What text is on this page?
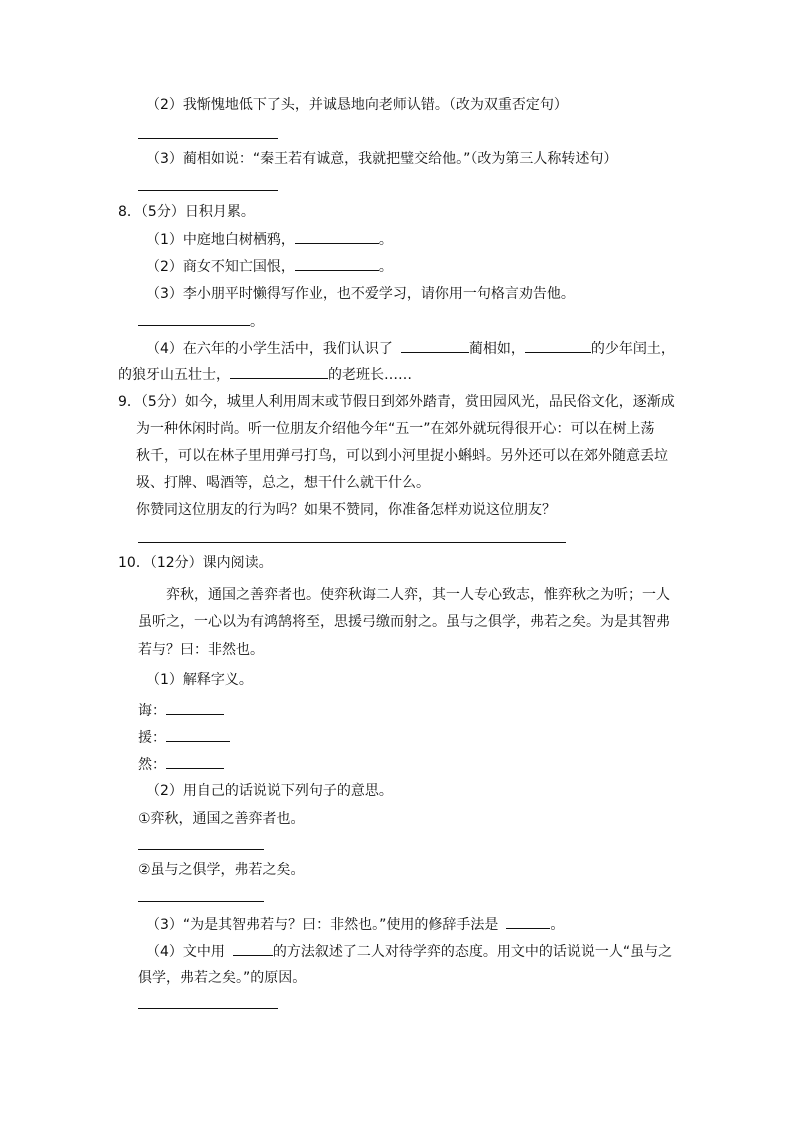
（2）我惭愧地低下了头，并诚恳地向老师认错。（改为双重否定句）
（3）蔺相如说：“秦王若有诚意，我就把璧交给他。”（改为第三人称转述句）
8．（5分）日积月累。
（1）中庭地白树栖鸦，	。
（2）商女不知亡国恨，	。
（3）李小朋平时懒得写作业，也不爱学习，请你用一句格言劝告他。
。
（4）在六年的小学生活中，我们认识了	蔺相如，	的少年闰土，
的狼牙山五壮士，	的老班长……
9．（5分）如今，城里人利用周末或节假日到郊外踏青，赏田园风光，品民俗文化，逐渐成
为一种休闲时尚。听一位朋友介绍他今年“五一”在郊外就玩得很开心：可以在树上荡
秋千，可以在林子里用弹弓打鸟，可以到小河里捉小蝌蚪。另外还可以在郊外随意丢垃
圾、打牌、喝酒等，总之，想干什么就干什么。
你赞同这位朋友的行为吗？如果不赞同，你准备怎样劝说这位朋友？
10．（12分）课内阅读。
弈秋，通国之善弈者也。使弈秋诲二人弈，其一人专心致志，惟弈秋之为听；一人
虽听之，一心以为有鸿鹄将至，思援弓缴而射之。虽与之俱学，弗若之矣。为是其智弗
若与？曰：非然也。
（1）解释字义。
诲：
援：
然：
（2）用自己的话说说下列句子的意思。
①弈秋，通国之善弈者也。
②虽与之俱学，弗若之矣。
（3）“为是其智弗若与？曰：非然也。”使用的修辞手法是	。
（4）文中用	的方法叙述了二人对待学弈的态度。用文中的话说说一人“虽与之
俱学，弗若之矣。”的原因。
